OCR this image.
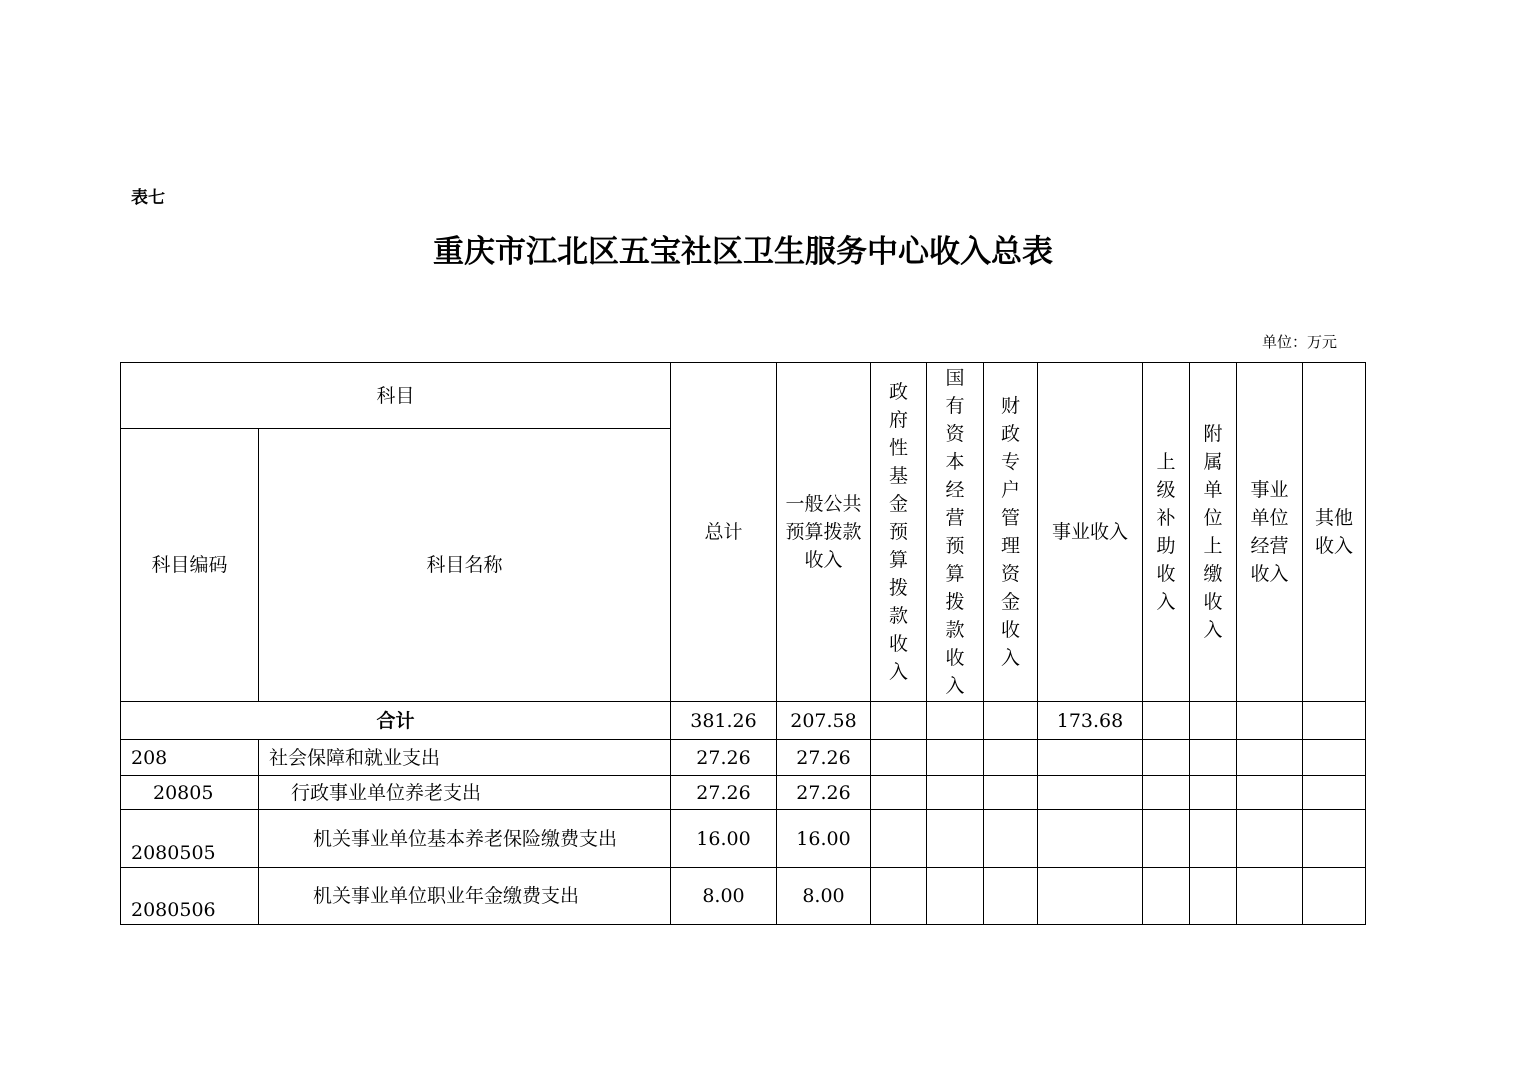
表七
重庆市江北区五宝社区卫生服务中心收入总表
单位：万元
科目		总计	一般公共预算拨款收入	政府性基金预算拨款收入	国有资本经营预算拨款收入	财政专户管理资金收入	事业收入	上级补助收入	附属单位上缴收入	事业单位经营收入	其他收入
科目编码	科目名称										
合计		381.26	207.58				173.68				
208	社会保障和就业支出	27.26	27.26								
20805	行政事业单位养老支出	27.26	27.26								
2080505	机关事业单位基本养老保险缴费支出	16.00	16.00								
2080506	机关事业单位职业年金缴费支出	8.00	8.00								
